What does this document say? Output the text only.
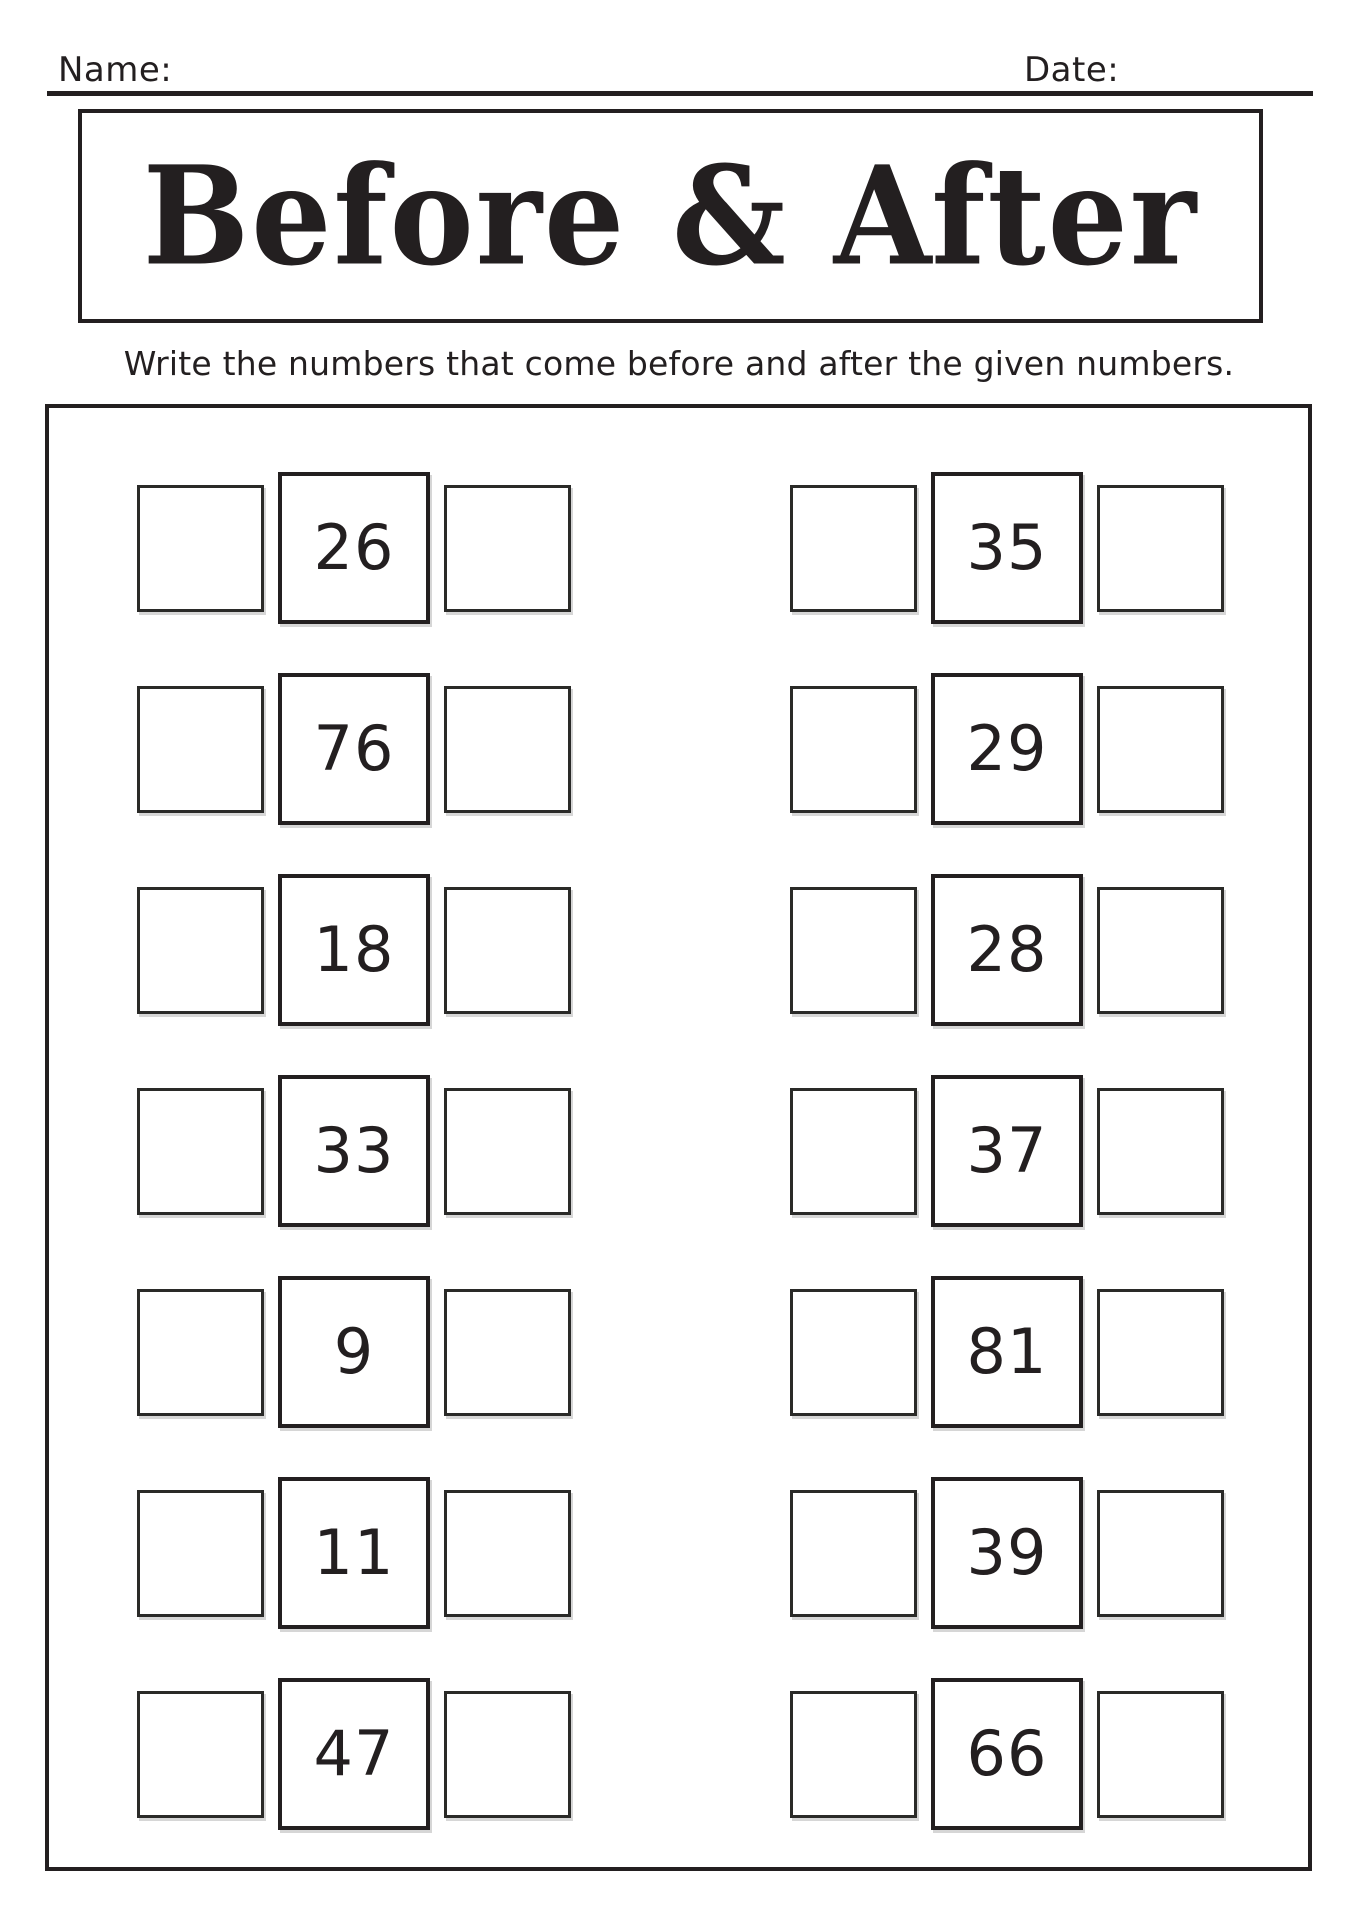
Name:	Date:
Before & After
Write the numbers that come before and after the given numbers.
26
76
18
33
9
11
47
35
29
28
37
81
39
66
